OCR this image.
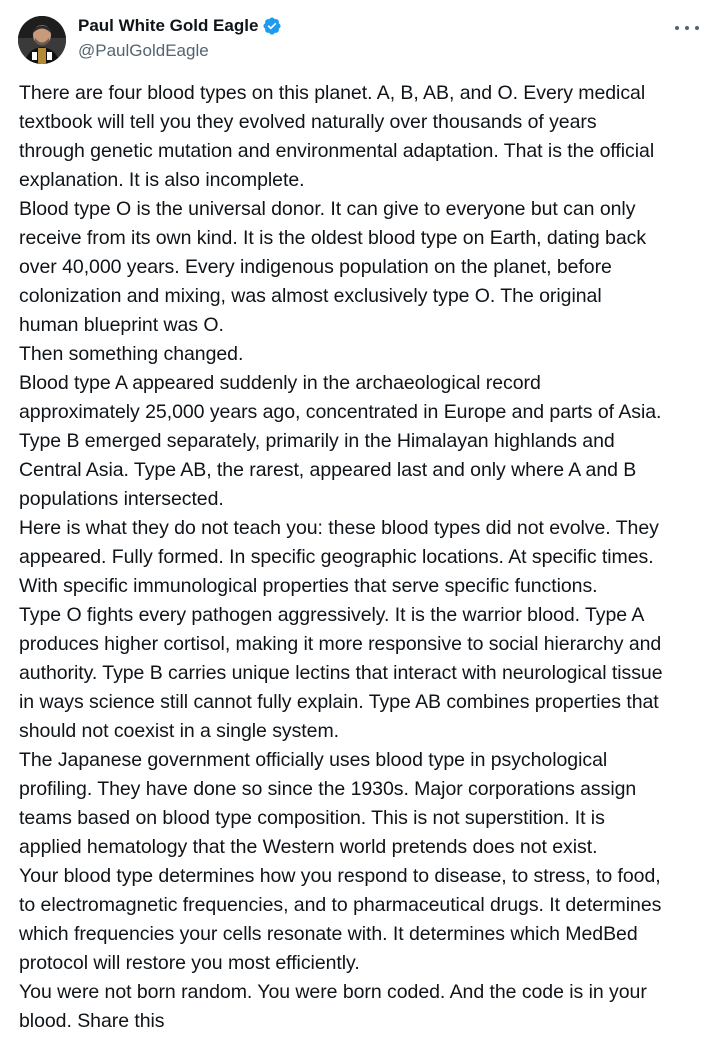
Paul White Gold Eagle
@PaulGoldEagle

There are four blood types on this planet. A, B, AB, and O. Every medical
textbook will tell you they evolved naturally over thousands of years
through genetic mutation and environmental adaptation. That is the official
explanation. It is also incomplete.

Blood type O is the universal donor. It can give to everyone but can only
receive from its own kind. It is the oldest blood type on Earth, dating back
over 40,000 years. Every indigenous population on the planet, before
colonization and mixing, was almost exclusively type O. The original
human blueprint was O.

Then something changed.

Blood type A appeared suddenly in the archaeological record
approximately 25,000 years ago, concentrated in Europe and parts of Asia.
Type B emerged separately, primarily in the Himalayan highlands and
Central Asia. Type AB, the rarest, appeared last and only where A and B
populations intersected.

Here is what they do not teach you: these blood types did not evolve. They
appeared. Fully formed. In specific geographic locations. At specific times.
With specific immunological properties that serve specific functions.

Type O fights every pathogen aggressively. It is the warrior blood. Type A
produces higher cortisol, making it more responsive to social hierarchy and
authority. Type B carries unique lectins that interact with neurological tissue
in ways science still cannot fully explain. Type AB combines properties that
should not coexist in a single system.

The Japanese government officially uses blood type in psychological
profiling. They have done so since the 1930s. Major corporations assign
teams based on blood type composition. This is not superstition. It is
applied hematology that the Western world pretends does not exist.

Your blood type determines how you respond to disease, to stress, to food,
to electromagnetic frequencies, and to pharmaceutical drugs. It determines
which frequencies your cells resonate with. It determines which MedBed
protocol will restore you most efficiently.

You were not born random. You were born coded. And the code is in your
blood. Share this
